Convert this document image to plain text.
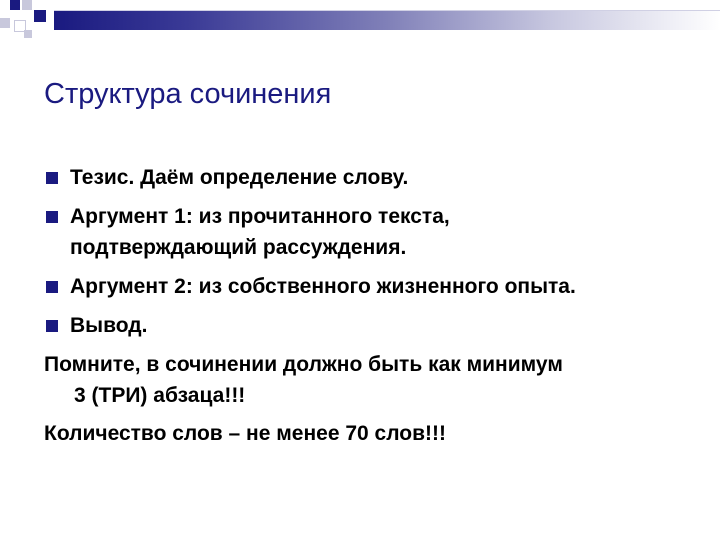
Структура сочинения
Тезис. Даём определение слову.
Аргумент 1: из прочитанного текста,
подтверждающий рассуждения.
Аргумент 2: из собственного жизненного опыта.
Вывод.
Помните, в сочинении должно быть как минимум
3 (ТРИ) абзаца!!!
Количество слов – не менее 70 слов!!!
